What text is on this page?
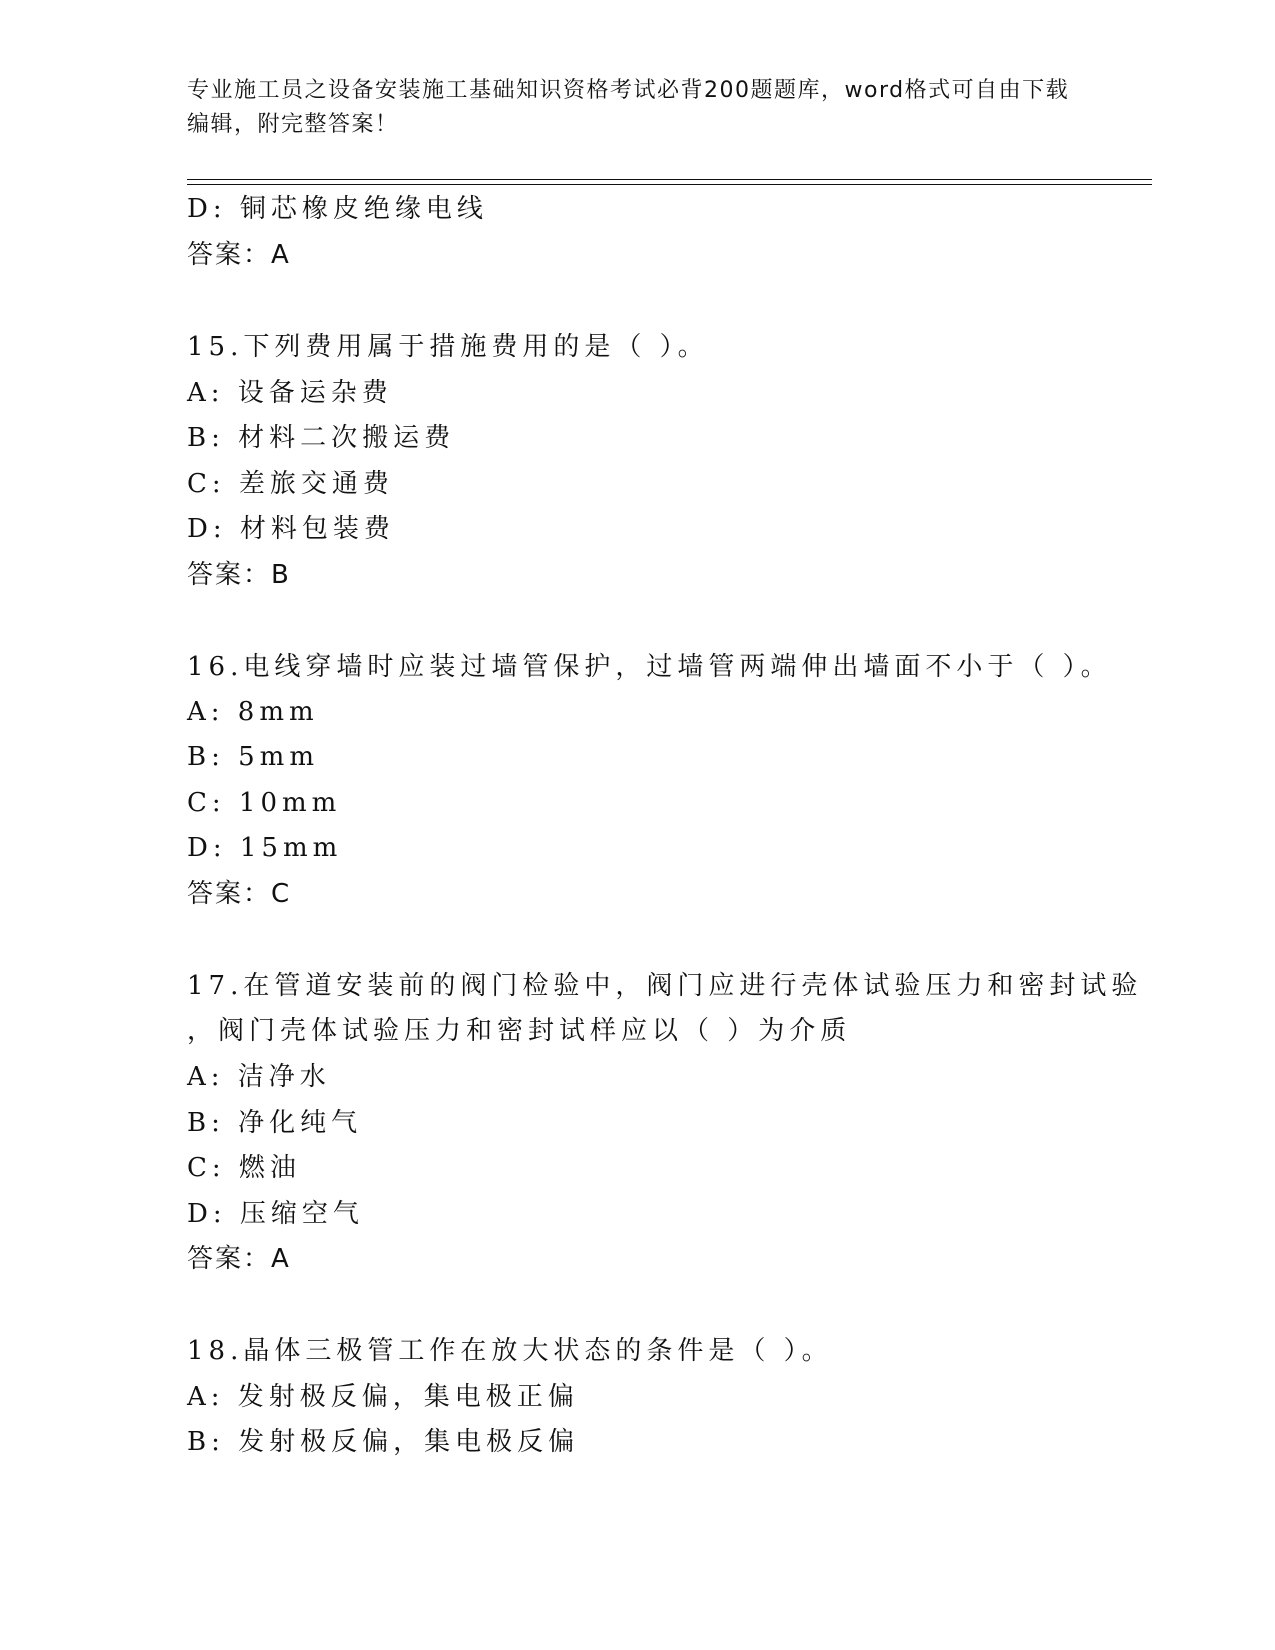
专业施工员之设备安装施工基础知识资格考试必背200题题库，word格式可自由下载编辑，附完整答案！
D: 铜芯橡皮绝缘电线
答案：A
15.下列费用属于措施费用的是（ ）。
A: 设备运杂费
B: 材料二次搬运费
C: 差旅交通费
D: 材料包装费
答案：B
16.电线穿墙时应装过墙管保护，过墙管两端伸出墙面不小于（ ）。
A: 8mm
B: 5mm
C: 10mm
D: 15mm
答案：C
17.在管道安装前的阀门检验中，阀门应进行壳体试验压力和密封试验
，阀门壳体试验压力和密封试样应以（ ）为介质
A: 洁净水
B: 净化纯气
C: 燃油
D: 压缩空气
答案：A
18.晶体三极管工作在放大状态的条件是（ ）。
A: 发射极反偏，集电极正偏
B: 发射极反偏，集电极反偏
